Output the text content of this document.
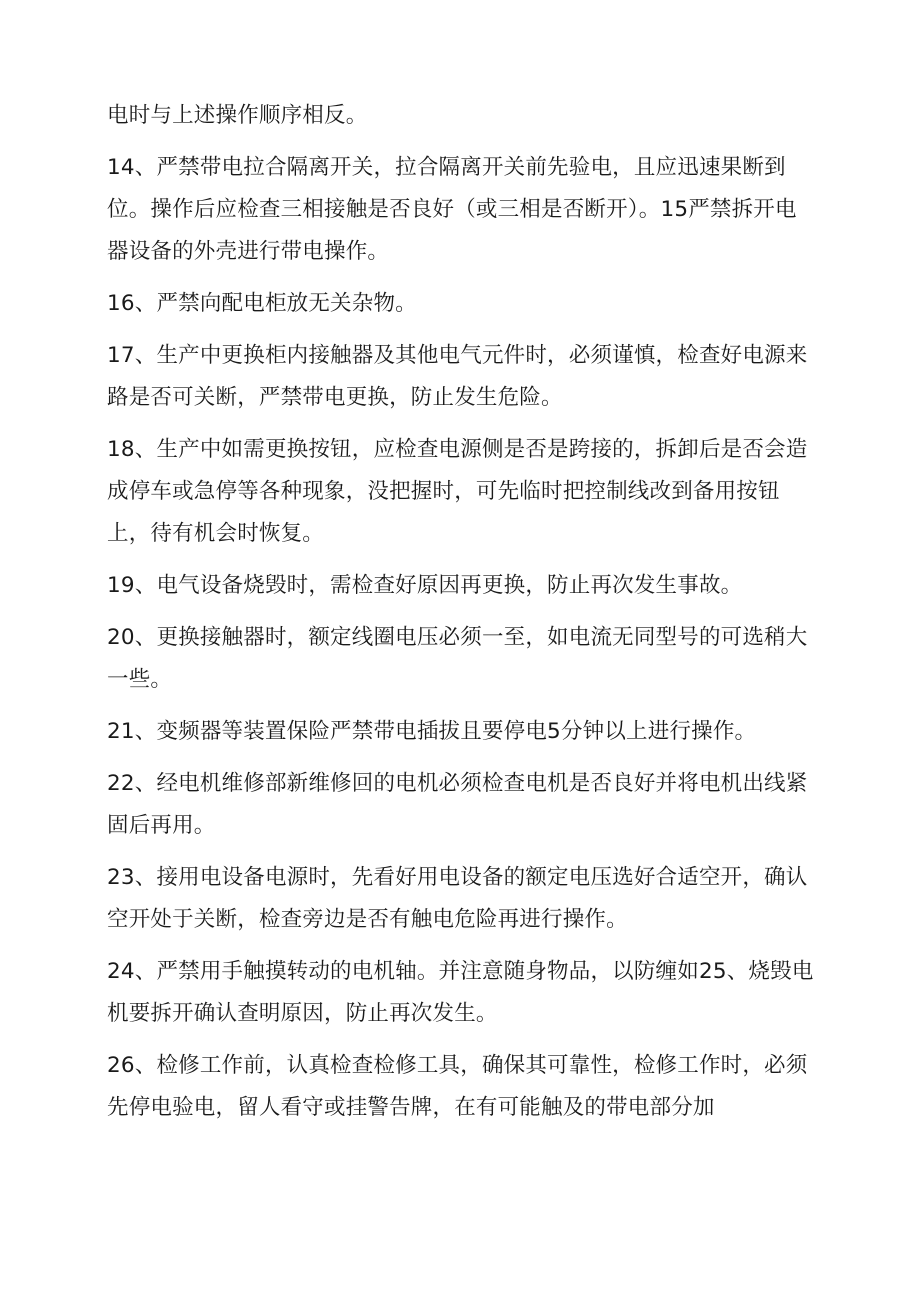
电时与上述操作顺序相反。

14、严禁带电拉合隔离开关，拉合隔离开关前先验电，且应迅速果断到位。操作后应检查三相接触是否良好（或三相是否断开）。15严禁拆开电器设备的外壳进行带电操作。

16、严禁向配电柜放无关杂物。

17、生产中更换柜内接触器及其他电气元件时，必须谨慎，检查好电源来路是否可关断，严禁带电更换，防止发生危险。

18、生产中如需更换按钮，应检查电源侧是否是跨接的，拆卸后是否会造成停车或急停等各种现象，没把握时，可先临时把控制线改到备用按钮上，待有机会时恢复。

19、电气设备烧毁时，需检查好原因再更换，防止再次发生事故。

20、更换接触器时，额定线圈电压必须一至，如电流无同型号的可选稍大一些。

21、变频器等装置保险严禁带电插拔且要停电5分钟以上进行操作。

22、经电机维修部新维修回的电机必须检查电机是否良好并将电机出线紧固后再用。

23、接用电设备电源时，先看好用电设备的额定电压选好合适空开，确认空开处于关断，检查旁边是否有触电危险再进行操作。

24、严禁用手触摸转动的电机轴。并注意随身物品，以防缠如25、烧毁电机要拆开确认查明原因，防止再次发生。

26、检修工作前，认真检查检修工具，确保其可靠性，检修工作时，必须先停电验电，留人看守或挂警告牌，在有可能触及的带电部分加
